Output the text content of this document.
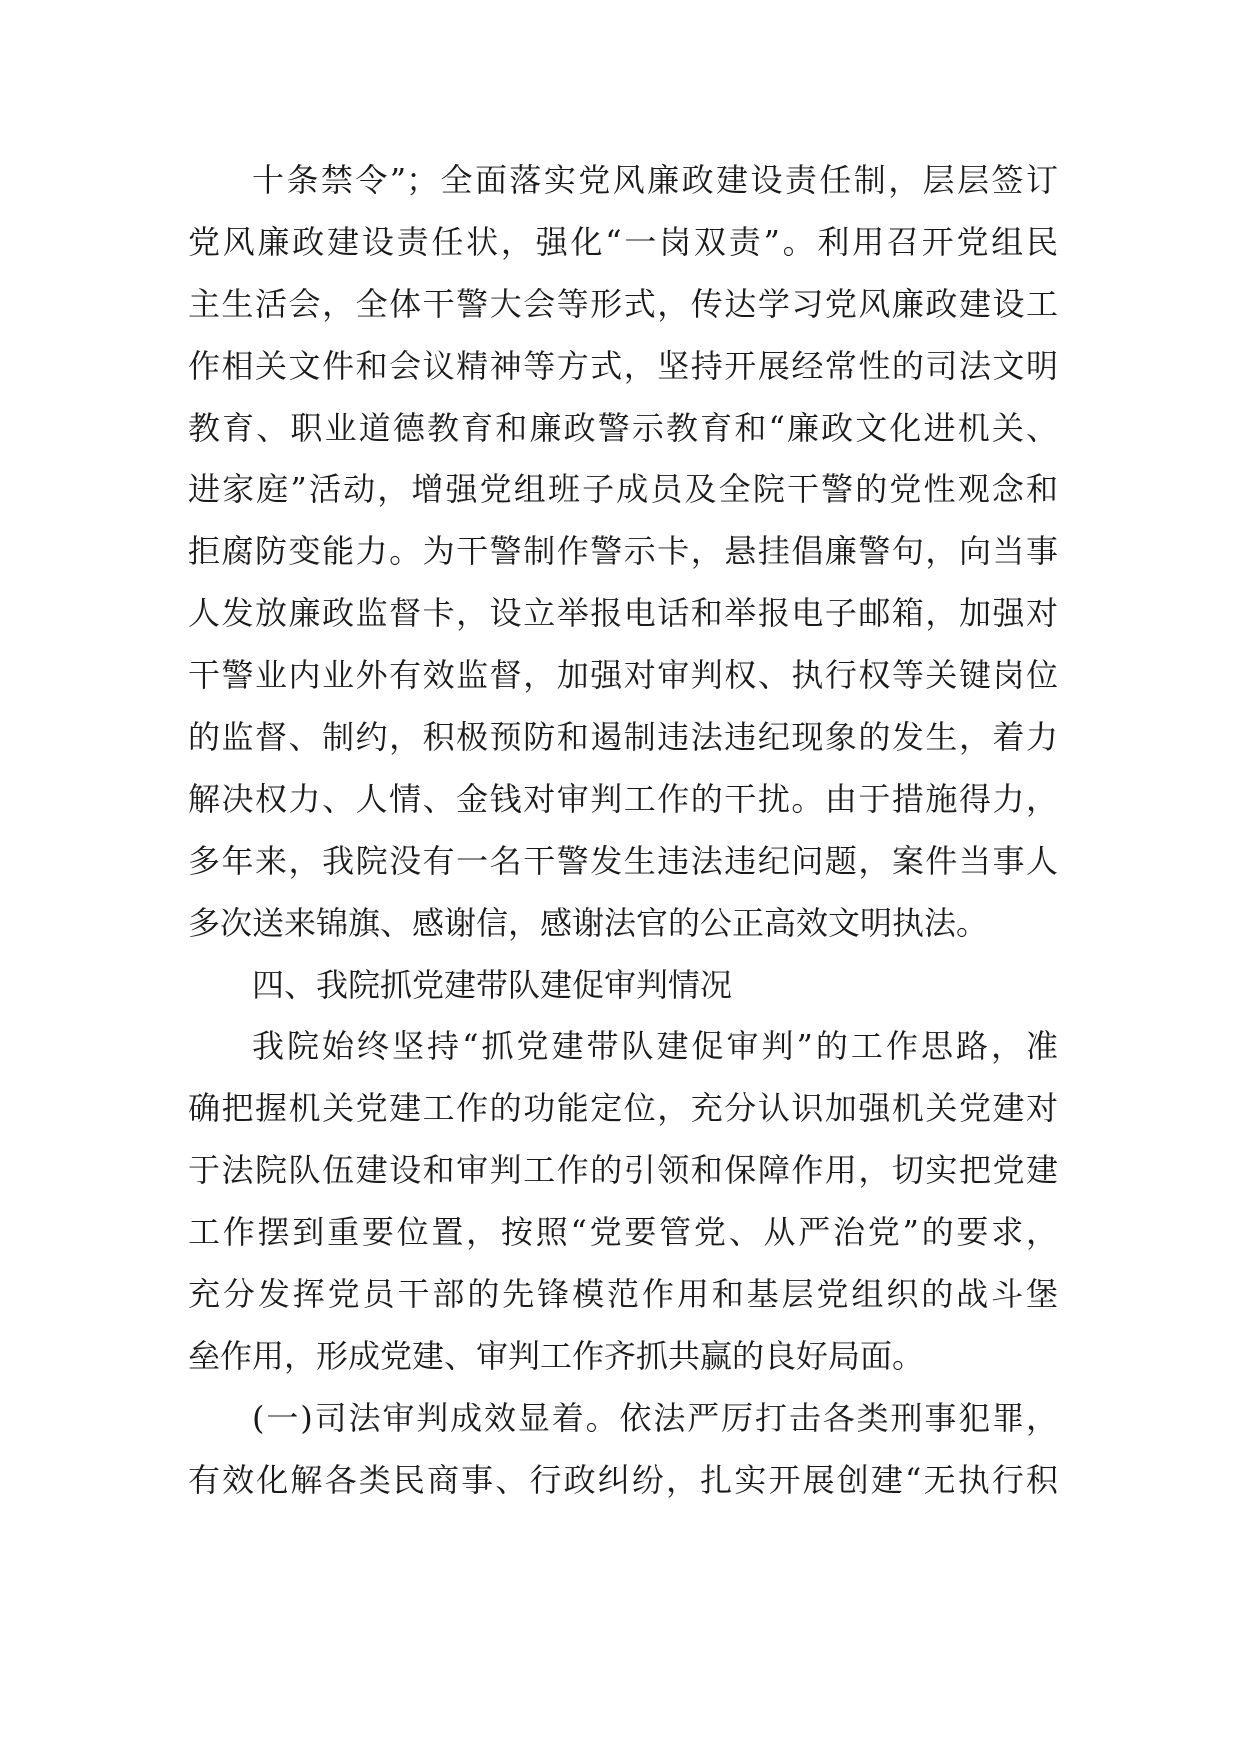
十条禁令”；全面落实党风廉政建设责任制，层层签订
党风廉政建设责任状，强化“一岗双责”。利用召开党组民
主生活会，全体干警大会等形式，传达学习党风廉政建设工
作相关文件和会议精神等方式，坚持开展经常性的司法文明
教育、职业道德教育和廉政警示教育和“廉政文化进机关、
进家庭”活动，增强党组班子成员及全院干警的党性观念和
拒腐防变能力。为干警制作警示卡，悬挂倡廉警句，向当事
人发放廉政监督卡，设立举报电话和举报电子邮箱，加强对
干警业内业外有效监督，加强对审判权、执行权等关键岗位
的监督、制约，积极预防和遏制违法违纪现象的发生，着力
解决权力、人情、金钱对审判工作的干扰。由于措施得力，
多年来，我院没有一名干警发生违法违纪问题，案件当事人
多次送来锦旗、感谢信，感谢法官的公正高效文明执法。
四、我院抓党建带队建促审判情况
我院始终坚持“抓党建带队建促审判”的工作思路，准
确把握机关党建工作的功能定位，充分认识加强机关党建对
于法院队伍建设和审判工作的引领和保障作用，切实把党建
工作摆到重要位置，按照“党要管党、从严治党”的要求，
充分发挥党员干部的先锋模范作用和基层党组织的战斗堡
垒作用，形成党建、审判工作齐抓共赢的良好局面。
(一)司法审判成效显着。依法严厉打击各类刑事犯罪，
有效化解各类民商事、行政纠纷，扎实开展创建“无执行积
